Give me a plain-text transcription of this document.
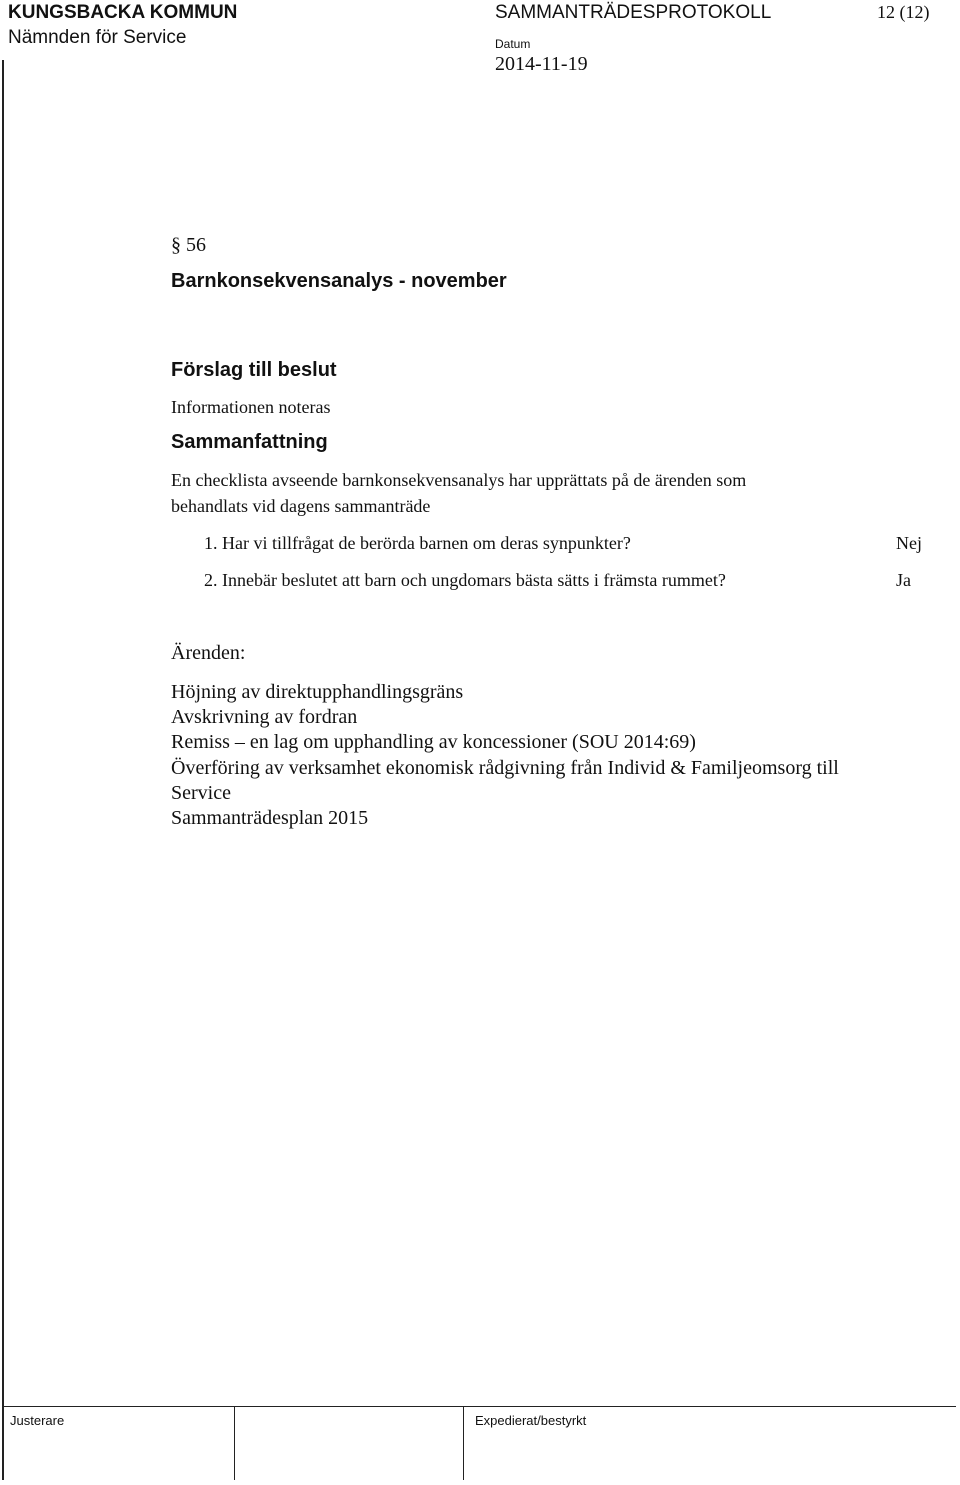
KUNGSBACKA KOMMUN
Nämnden för Service
SAMMANTRÄDESPROTOKOLL	12 (12)
Datum
2014-11-19
§ 56
Barnkonsekvensanalys - november
Förslag till beslut
Informationen noteras
Sammanfattning
En checklista avseende barnkonsekvensanalys har upprättats på de ärenden som
behandlats vid dagens sammanträde
1. Har vi tillfrågat de berörda barnen om deras synpunkter?	Nej
2. Innebär beslutet att barn och ungdomars bästa sätts i främsta rummet?	Ja
Ärenden:
Höjning av direktupphandlingsgräns
Avskrivning av fordran
Remiss – en lag om upphandling av koncessioner (SOU 2014:69)
Överföring av verksamhet ekonomisk rådgivning från Individ & Familjeomsorg till
Service
Sammanträdesplan 2015
Justerare	Expedierat/bestyrkt
